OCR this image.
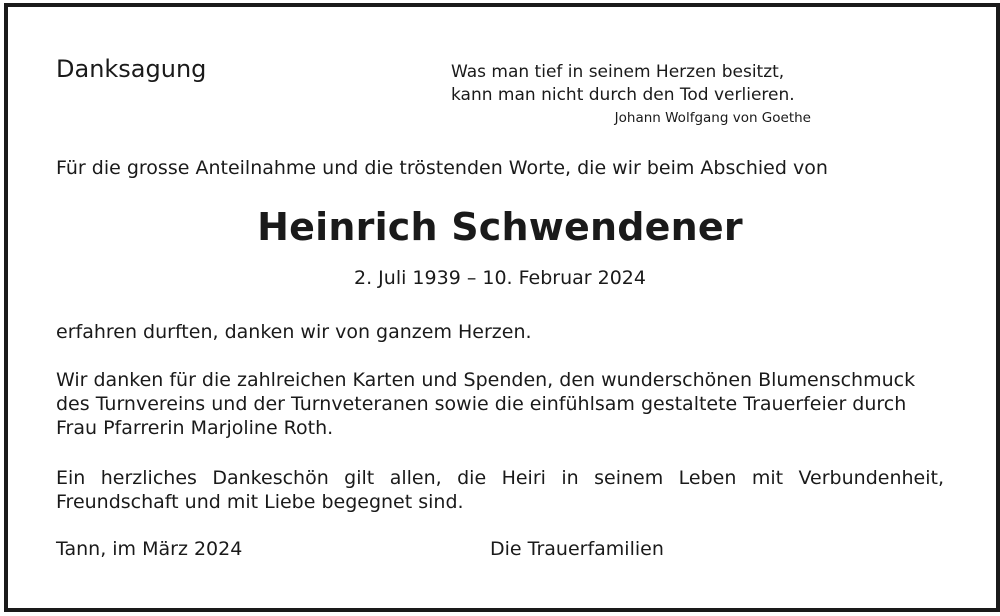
Danksagung	Was man tief in seinem Herzen besitzt,
kann man nicht durch den Tod verlieren.
Johann Wolfgang von Goethe
Für die grosse Anteilnahme und die tröstenden Worte, die wir beim Abschied von
Heinrich Schwendener
2. Juli 1939 – 10. Februar 2024
erfahren durften, danken wir von ganzem Herzen.
Wir danken für die zahlreichen Karten und Spenden, den wunderschönen Blumenschmuck
des Turnvereins und der Turnveteranen sowie die einfühlsam gestaltete Trauerfeier durch
Frau Pfarrerin Marjoline Roth.
Ein herzliches Dankeschön gilt allen, die Heiri in seinem Leben mit Verbundenheit,
Freundschaft und mit Liebe begegnet sind.
Tann, im März 2024	Die Trauerfamilien
